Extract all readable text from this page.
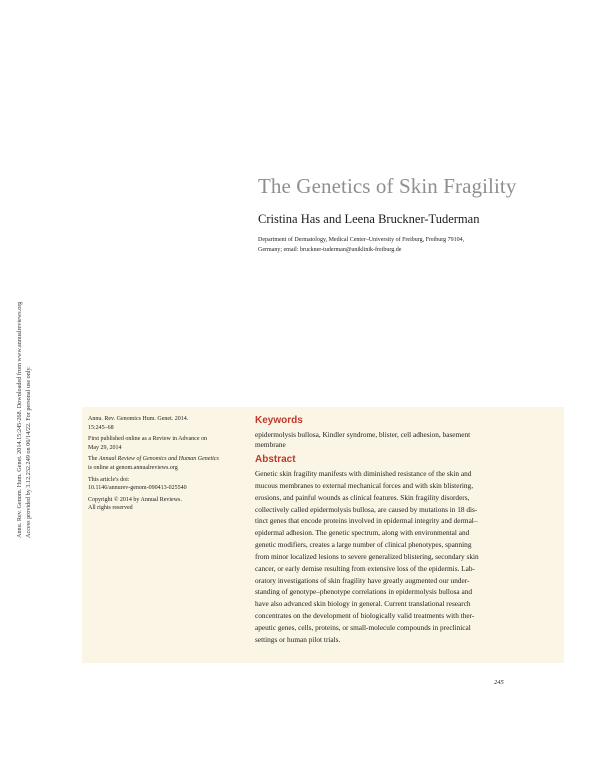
The Genetics of Skin Fragility
Cristina Has and Leena Bruckner-Tuderman
Department of Dermatology, Medical Center–University of Freiburg, Freiburg 79104,
Germany; email: bruckner-tuderman@uniklinik-freiburg.de
Annu. Rev. Genom. Hum. Genet. 2014.15:245-268. Downloaded from www.annualreviews.org Access provided by 3.12.232.249 on 06/14/22. For personal use only.	Annu. Rev. Genomics Hum. Genet. 2014.
15:245–68

First published online as a Review in Advance on
May 29, 2014

The Annual Review of Genomics and Human Genetics
is online at genom.annualreviews.org

This article's doi:
10.1146/annurev-genom-090413-025540

Copyright © 2014 by Annual Reviews.
All rights reserved

Keywords

epidermolysis bullosa, Kindler syndrome, blister, cell adhesion, basement
membrane

Abstract

Genetic skin fragility manifests with diminished resistance of the skin and
mucous membranes to external mechanical forces and with skin blistering,
erosions, and painful wounds as clinical features. Skin fragility disorders,
collectively called epidermolysis bullosa, are caused by mutations in 18 dis-
tinct genes that encode proteins involved in epidermal integrity and dermal–
epidermal adhesion. The genetic spectrum, along with environmental and
genetic modifiers, creates a large number of clinical phenotypes, spanning
from minor localized lesions to severe generalized blistering, secondary skin
cancer, or early demise resulting from extensive loss of the epidermis. Lab-
oratory investigations of skin fragility have greatly augmented our under-
standing of genotype–phenotype correlations in epidermolysis bullosa and
have also advanced skin biology in general. Current translational research
concentrates on the development of biologically valid treatments with ther-
apeutic genes, cells, proteins, or small-molecule compounds in preclinical
settings or human pilot trials.
245
